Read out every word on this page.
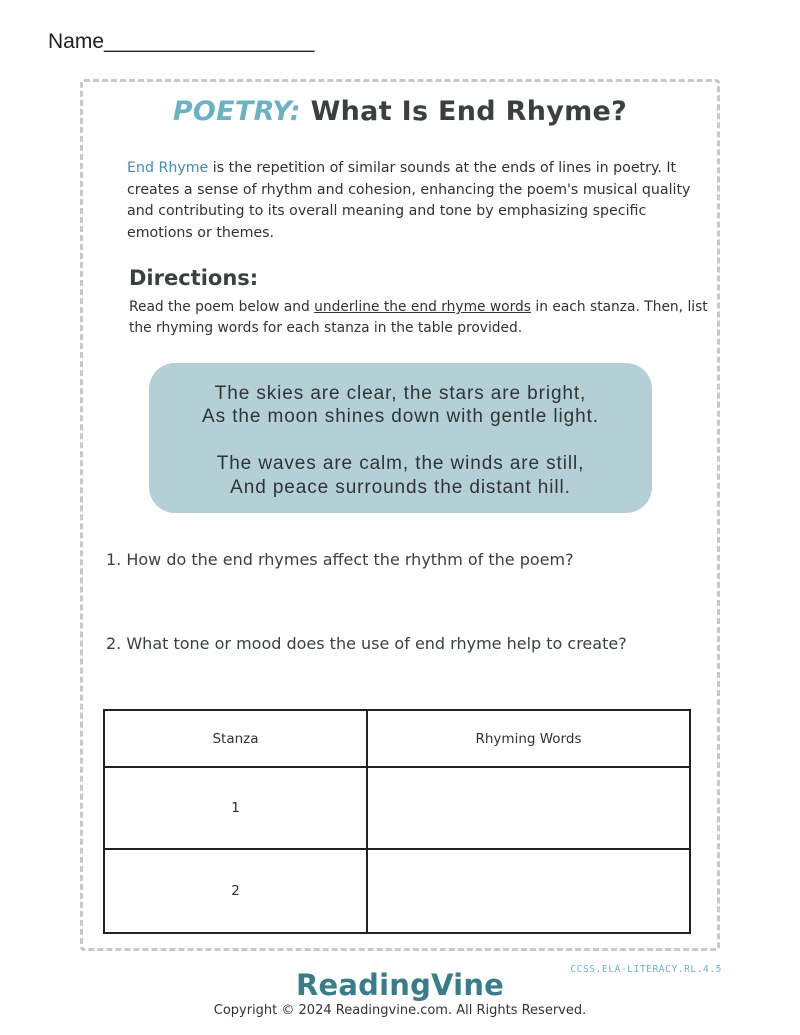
Name__________________
POETRY: What Is End Rhyme?
End Rhyme is the repetition of similar sounds at the ends of lines in poetry. It creates a sense of rhythm and cohesion, enhancing the poem's musical quality and contributing to its overall meaning and tone by emphasizing specific emotions or themes.
Directions:
Read the poem below and underline the end rhyme words in each stanza. Then, list the rhyming words for each stanza in the table provided.
The skies are clear, the stars are bright,
As the moon shines down with gentle light.
The waves are calm, the winds are still,
And peace surrounds the distant hill.
1. How do the end rhymes affect the rhythm of the poem?
2. What tone or mood does the use of end rhyme help to create?
Stanza	Rhyming Words
1	
2	
CCSS.ELA-LITERACY.RL.4.5
ReadingVine
Copyright © 2024 Readingvine.com. All Rights Reserved.
